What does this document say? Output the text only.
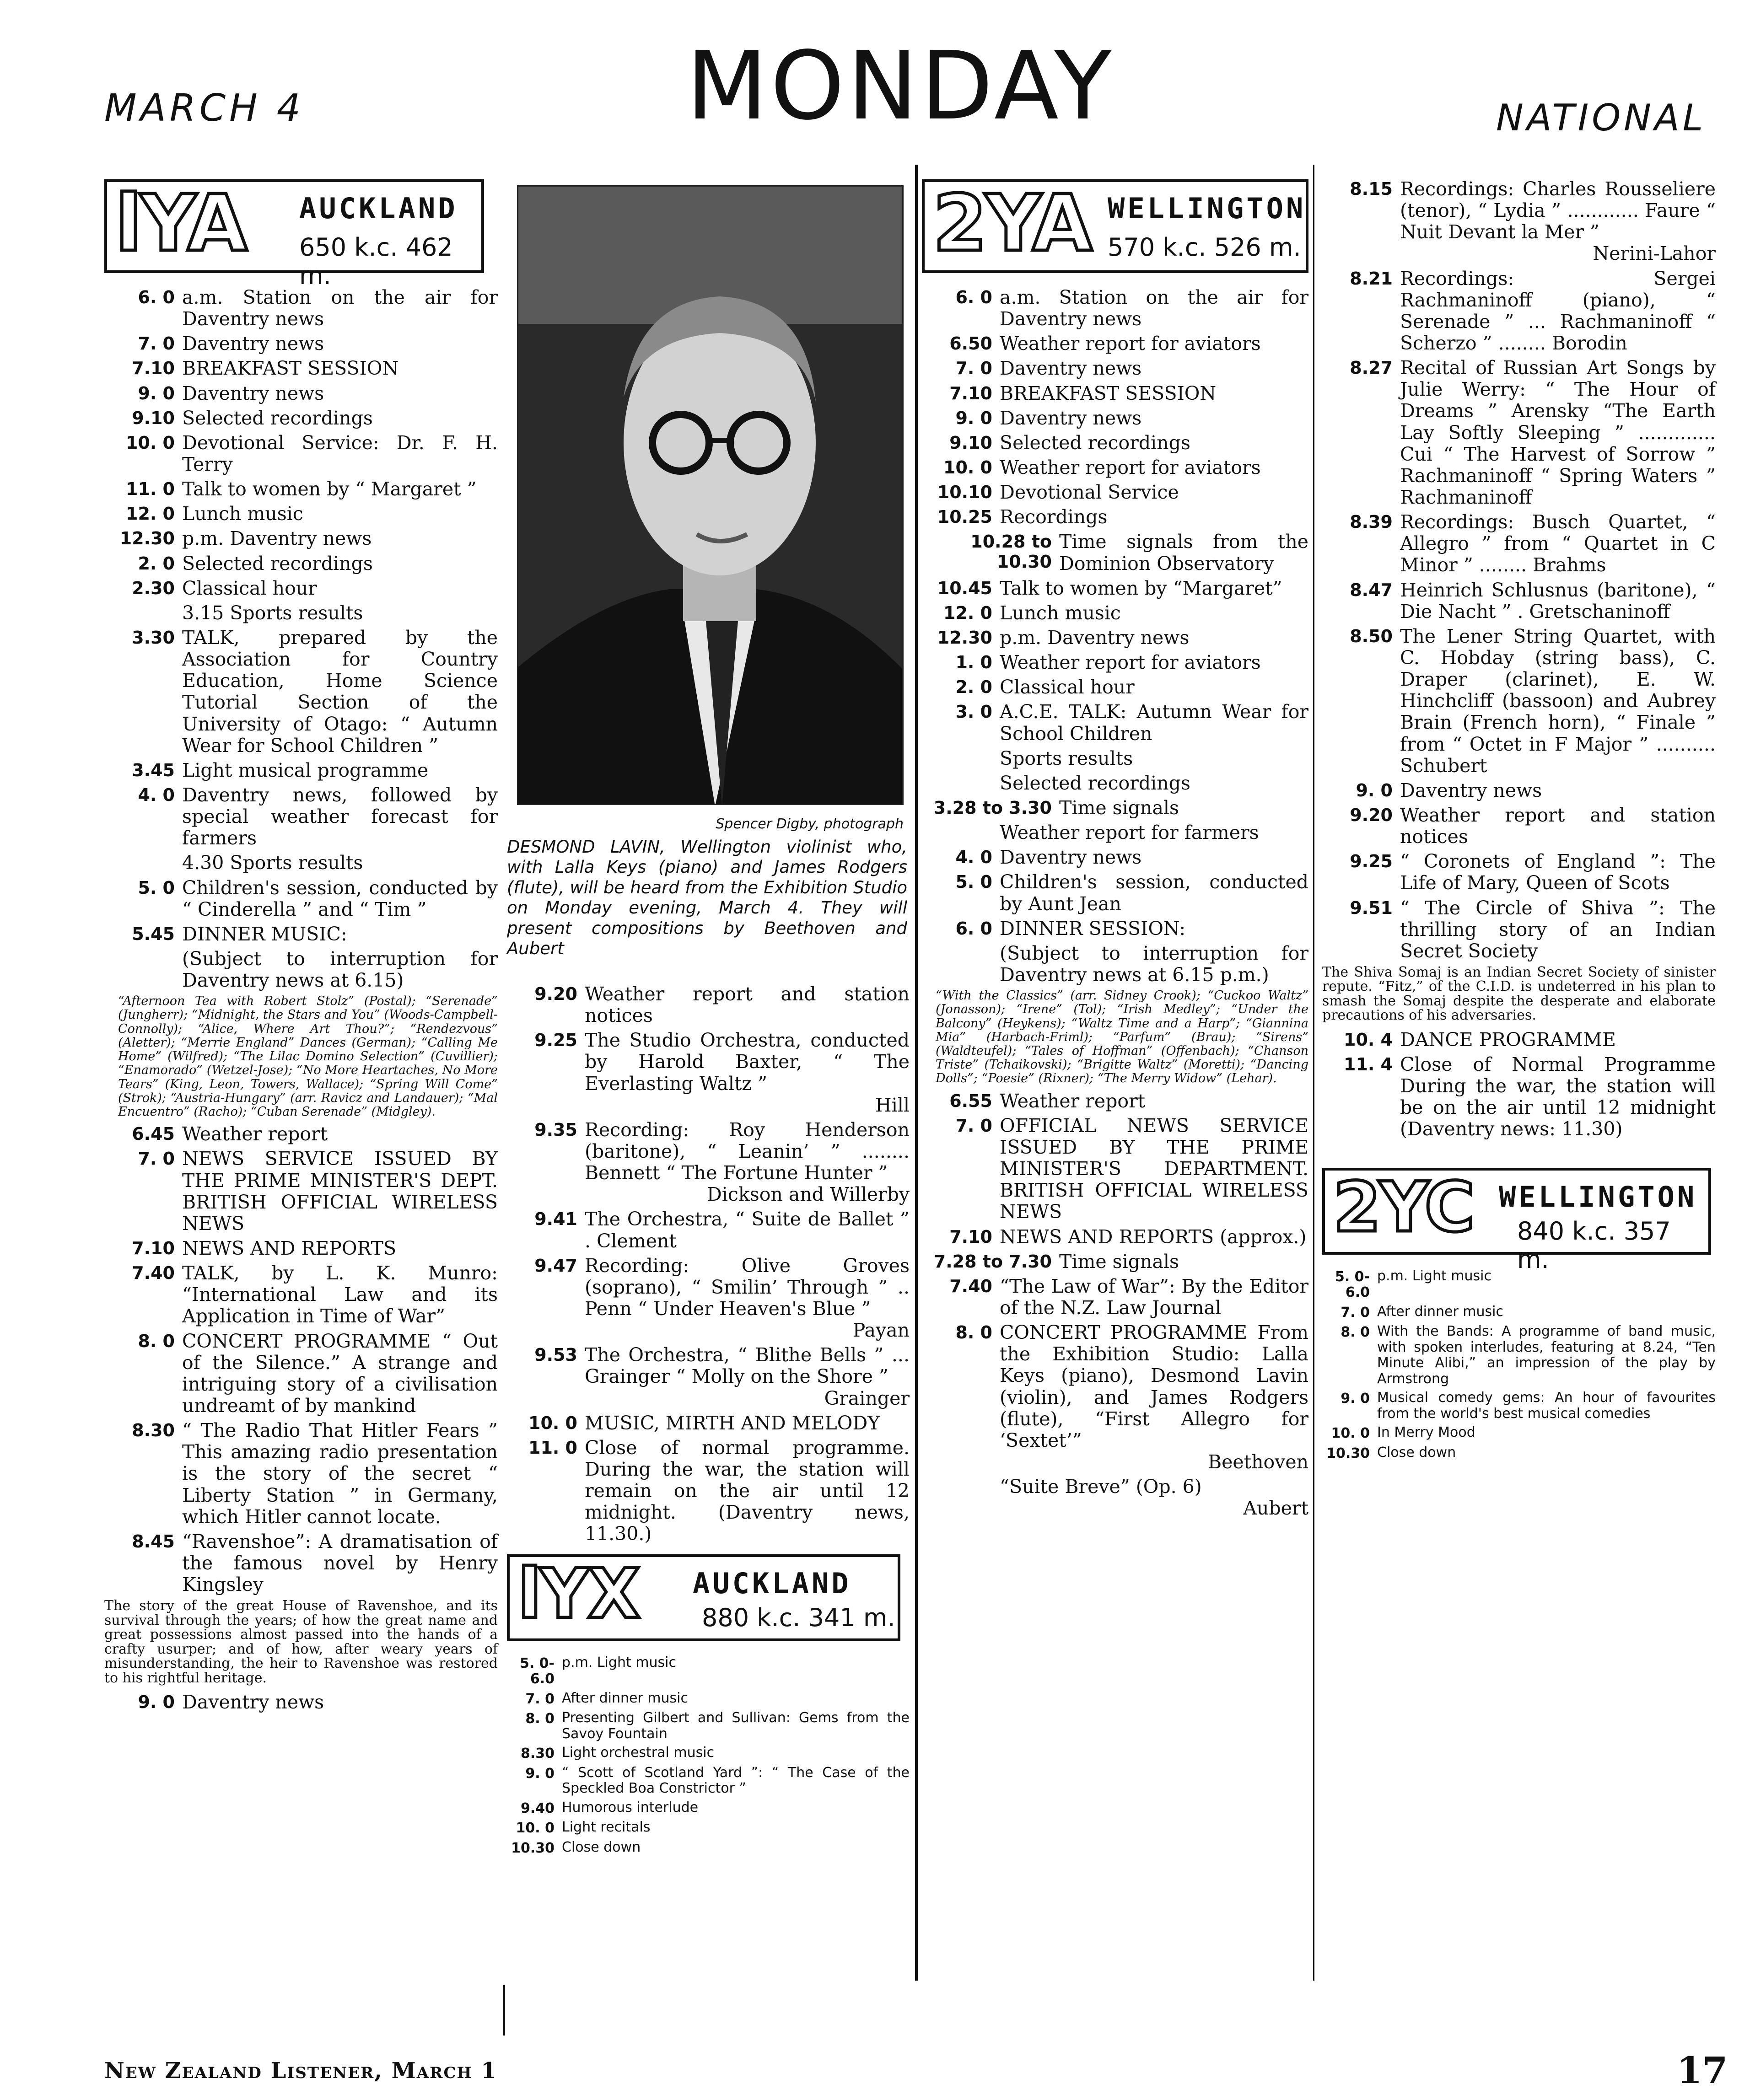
MARCH 4	MONDAY	NATIONAL
lYA AUCKLAND
650 k.c. 462 m.
6. 0 a.m. Station on the air for Daventry news
7. 0 Daventry news
7.10 BREAKFAST SESSION
9. 0 Daventry news
9.10 Selected recordings
10. 0 Devotional Service: Dr. F. H. Terry
11. 0 Talk to women by “ Margaret ”
12. 0 Lunch music
12.30 p.m. Daventry news
2. 0 Selected recordings
2.30 Classical hour
3.15 Sports results
3.30 TALK, prepared by the Association for Country Education, Home Science Tutorial Section of the University of Otago: “ Autumn Wear for School Children ”
3.45 Light musical programme
4. 0 Daventry news, followed by special weather forecast for farmers
4.30 Sports results
5. 0 Children's session, conducted by “ Cinderella ” and “ Tim ”
5.45 DINNER MUSIC:
(Subject to interruption for Daventry news at 6.15)
“Afternoon Tea with Robert Stolz” (Postal); “Serenade” (Jungherr); “Midnight, the Stars and You” (Woods-Campbell-Connolly); “Alice, Where Art Thou?”; “Rendezvous” (Aletter); “Merrie England” Dances (German); “Calling Me Home” (Wilfred); “The Lilac Domino Selection” (Cuvillier); “Enamorado” (Wetzel-Jose); “No More Heartaches, No More Tears” (King, Leon, Towers, Wallace); “Spring Will Come” (Strok); “Austria-Hungary” (arr. Ravicz and Landauer); “Mal Encuentro” (Racho); “Cuban Serenade” (Midgley).
6.45 Weather report
7. 0 NEWS SERVICE ISSUED BY THE PRIME MINISTER'S DEPT. BRITISH OFFICIAL WIRELESS NEWS
7.10 NEWS AND REPORTS
7.40 TALK, by L. K. Munro: “International Law and its Application in Time of War”
8. 0 CONCERT PROGRAMME “ Out of the Silence.” A strange and intriguing story of a civilisation undreamt of by mankind
8.30 “ The Radio That Hitler Fears ” This amazing radio presentation is the story of the secret “ Liberty Station ” in Germany, which Hitler cannot locate.
8.45 “Ravenshoe”: A dramatisation of the famous novel by Henry Kingsley
The story of the great House of Ravenshoe, and its survival through the years; of how the great name and great possessions almost passed into the hands of a crafty usurper; and of how, after weary years of misunderstanding, the heir to Ravenshoe was restored to his rightful heritage.
9. 0 Daventry news
Spencer Digby, photograph
DESMOND LAVIN, Wellington violinist who, with Lalla Keys (piano) and James Rodgers (flute), will be heard from the Exhibition Studio on Monday evening, March 4. They will present compositions by Beethoven and Aubert
9.20 Weather report and station notices
9.25 The Studio Orchestra, conducted by Harold Baxter, “ The Everlasting Waltz ”
Hill
9.35 Recording: Roy Henderson (baritone), “ Leanin’ ” ........ Bennett “ The Fortune Hunter ”
Dickson and Willerby
9.41 The Orchestra, “ Suite de Ballet ” . Clement
9.47 Recording: Olive Groves (soprano), “ Smilin’ Through ” .. Penn “ Under Heaven's Blue ”
Payan
9.53 The Orchestra, “ Blithe Bells ” ... Grainger “ Molly on the Shore ”
Grainger
10. 0 MUSIC, MIRTH AND MELODY
11. 0 Close of normal programme. During the war, the station will remain on the air until 12 midnight. (Daventry news, 11.30.)
lYX AUCKLAND
880 k.c. 341 m.
5. 0-6.0
p.m. Light music
7. 0 After dinner music
8. 0 Presenting Gilbert and Sullivan: Gems from the Savoy Fountain
8.30 Light orchestral music
9. 0 “ Scott of Scotland Yard ”: “ The Case of the Speckled Boa Constrictor ”
9.40 Humorous interlude
10. 0 Light recitals
10.30 Close down
2YA WELLINGTON
570 k.c. 526 m.
6. 0 a.m. Station on the air for Daventry news
6.50 Weather report for aviators
7. 0 Daventry news
7.10 BREAKFAST SESSION
9. 0 Daventry news
9.10 Selected recordings
10. 0 Weather report for aviators
10.10 Devotional Service
10.25 Recordings
10.28 to 10.30
Time signals from the Dominion Observatory
10.45 Talk to women by “Margaret”
12. 0 Lunch music
12.30 p.m. Daventry news
1. 0 Weather report for aviators
2. 0 Classical hour
3. 0 A.C.E. TALK: Autumn Wear for School Children
Sports results
Selected recordings
3.28 to 3.30 Time signals
Weather report for farmers
4. 0 Daventry news
5. 0 Children's session, conducted by Aunt Jean
6. 0 DINNER SESSION:
(Subject to interruption for Daventry news at 6.15 p.m.)
“With the Classics” (arr. Sidney Crook); “Cuckoo Waltz” (Jonasson); “Irene” (Tol); “Irish Medley”; “Under the Balcony” (Heykens); “Waltz Time and a Harp”; “Giannina Mia” (Harbach-Friml); “Parfum” (Brau); “Sirens” (Waldteufel); “Tales of Hoffman” (Offenbach); “Chanson Triste” (Tchaikovski); “Brigitte Waltz” (Moretti); “Dancing Dolls”; “Poesie” (Rixner); “The Merry Widow” (Lehar).
6.55 Weather report
7. 0 OFFICIAL NEWS SERVICE ISSUED BY THE PRIME MINISTER'S DEPARTMENT. BRITISH OFFICIAL WIRELESS NEWS
7.10 NEWS AND REPORTS (approx.)
7.28 to 7.30 Time signals
7.40 “The Law of War”: By the Editor of the N.Z. Law Journal
8. 0 CONCERT PROGRAMME From the Exhibition Studio: Lalla Keys (piano), Desmond Lavin (violin), and James Rodgers (flute), “First Allegro for ‘Sextet’”
Beethoven
“Suite Breve” (Op. 6)
Aubert
8.15 Recordings: Charles Rousseliere (tenor), “ Lydia ” ............ Faure “ Nuit Devant la Mer ”
Nerini-Lahor
8.21 Recordings: Sergei Rachmaninoff (piano), “ Serenade ” ... Rachmaninoff “ Scherzo ” ........ Borodin
8.27 Recital of Russian Art Songs by Julie Werry: “ The Hour of Dreams ” Arensky “The Earth Lay Softly Sleeping ” ............. Cui “ The Harvest of Sorrow ” Rachmaninoff “ Spring Waters ” Rachmaninoff
8.39 Recordings: Busch Quartet, “ Allegro ” from “ Quartet in C Minor ” ........ Brahms
8.47 Heinrich Schlusnus (baritone), “ Die Nacht ” . Gretschaninoff
8.50 The Lener String Quartet, with C. Hobday (string bass), C. Draper (clarinet), E. W. Hinchcliff (bassoon) and Aubrey Brain (French horn), “ Finale ” from “ Octet in F Major ” .......... Schubert
9. 0 Daventry news
9.20 Weather report and station notices
9.25 “ Coronets of England ”: The Life of Mary, Queen of Scots
9.51 “ The Circle of Shiva ”: The thrilling story of an Indian Secret Society
The Shiva Somaj is an Indian Secret Society of sinister repute. “Fitz,” of the C.I.D. is undeterred in his plan to smash the Somaj despite the desperate and elaborate precautions of his adversaries.
10. 4 DANCE PROGRAMME
11. 4 Close of Normal Programme During the war, the station will be on the air until 12 midnight (Daventry news: 11.30)
2YC WELLINGTON
840 k.c. 357 m.
5. 0-6.0
p.m. Light music
7. 0 After dinner music
8. 0 With the Bands: A programme of band music, with spoken interludes, featuring at 8.24, “Ten Minute Alibi,” an impression of the play by Armstrong
9. 0 Musical comedy gems: An hour of favourites from the world's best musical comedies
10. 0 In Merry Mood
10.30 Close down
New Zealand Listener, March 1	17
